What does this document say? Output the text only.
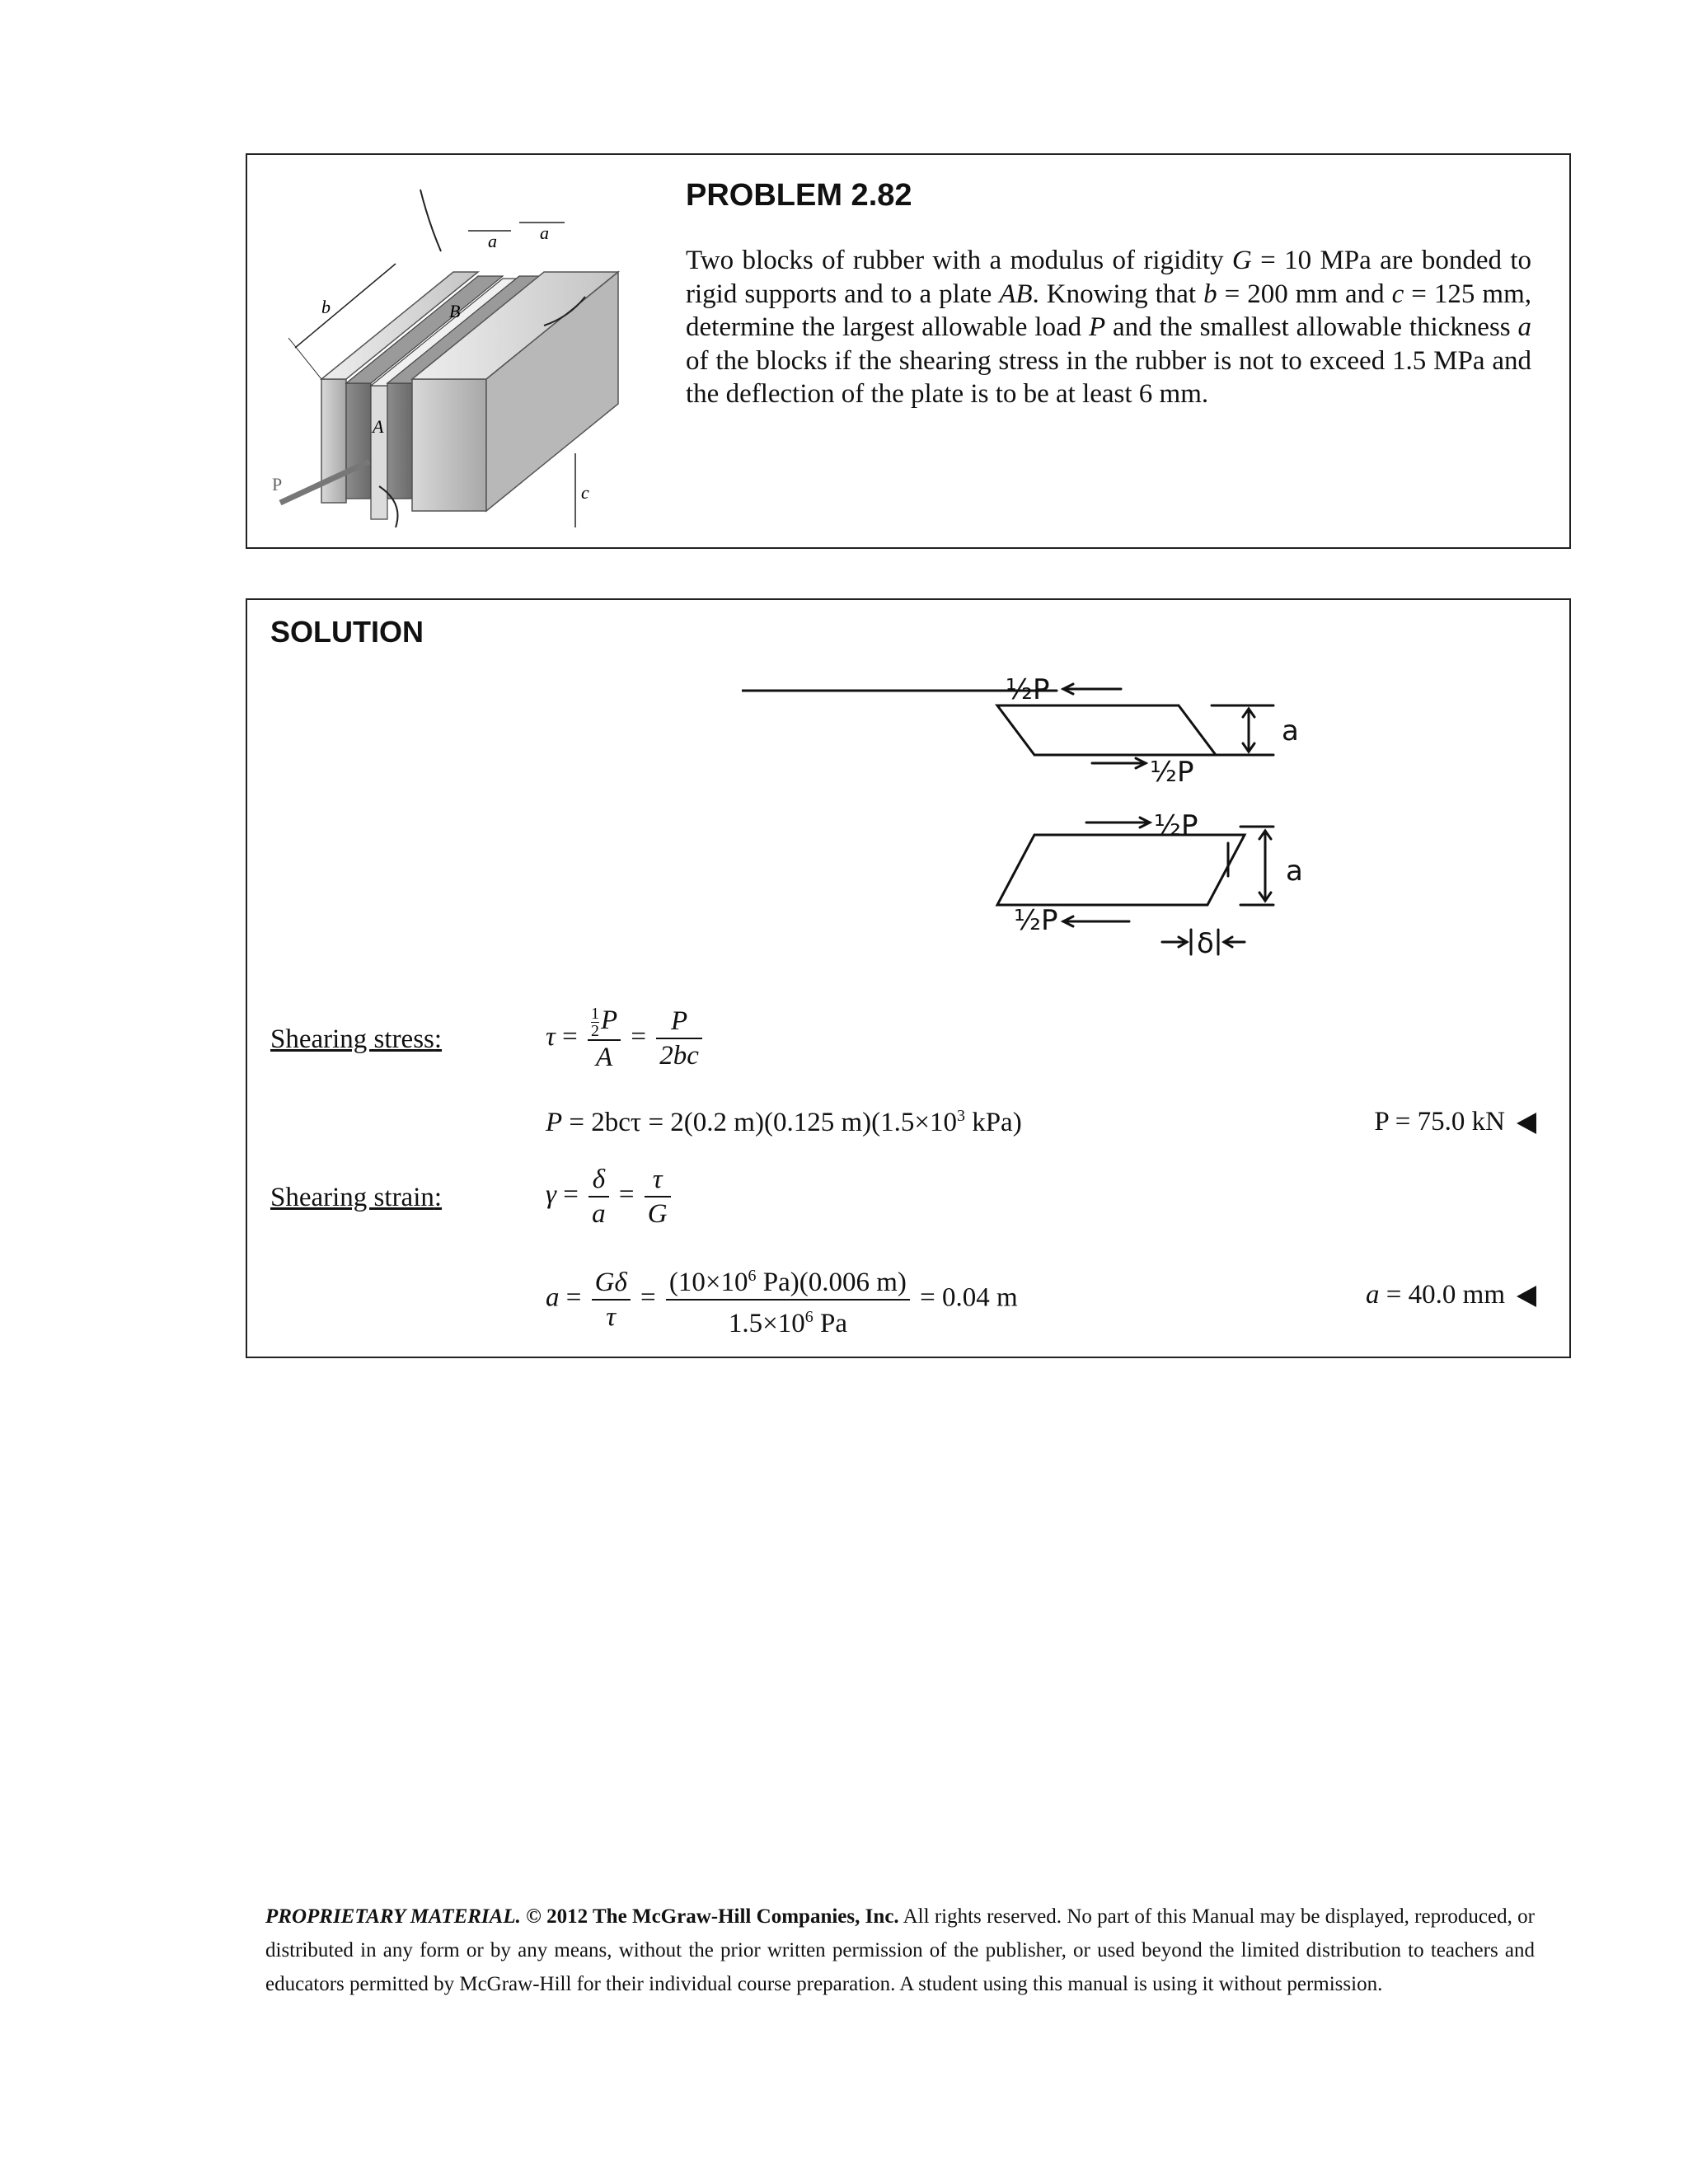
a a
b	B
A
P	c
PROBLEM 2.82
Two blocks of rubber with a modulus of rigidity G = 10 MPa are bonded to rigid supports and to a plate AB. Knowing that b = 200 mm and c = 125 mm, determine the largest allowable load P and the smallest allowable thickness a of the blocks if the shearing stress in the rubber is not to exceed 1.5 MPa and the deflection of the plate is to be at least 6 mm.
SOLUTION
½P
a
½P
½P
a
½P
δ
Shearing stress:	$\tau = \frac{\frac{1}{2} P}{A} = \frac{P}{2bc}$
P = 2bcτ = 2(0.2 m)(0.125 $m)(1.5\times 10^3$ kPa)	P = 75.0 kN
Shearing strain:	$\gamma = \frac{\delta}{a} = \frac{\tau}{G}$
$a = \frac{G\delta}{\tau} = \frac{(10\times 10^6 Pa)(0.006 m)}{1.5\times 10^6 Pa} = 0.04$ m	a = 40.0 mm
PROPRIETARY MATERIAL. © 2012 The McGraw-Hill Companies, Inc. All rights reserved. No part of this Manual may be displayed, reproduced, or distributed in any form or by any means, without the prior written permission of the publisher, or used beyond the limited distribution to teachers and educators permitted by McGraw-Hill for their individual course preparation. A student using this manual is using it without permission.
